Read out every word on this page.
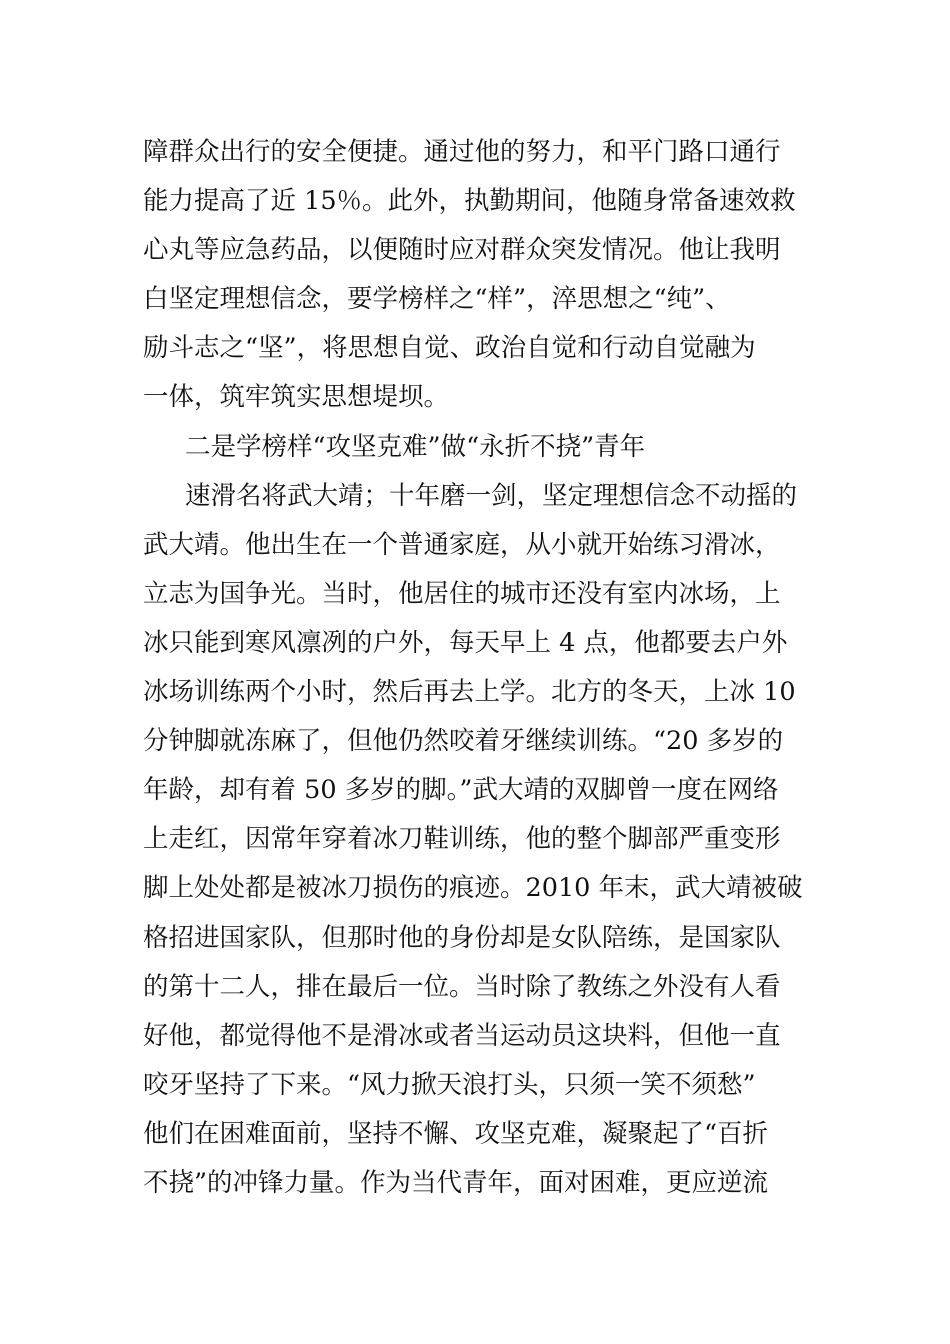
障群众出行的安全便捷。通过他的努力，和平门路口通行
能力提高了近 15％。此外，执勤期间，他随身常备速效救
心丸等应急药品，以便随时应对群众突发情况。他让我明
白坚定理想信念，要学榜样之“样”，淬思想之“纯”、
励斗志之“坚”，将思想自觉、政治自觉和行动自觉融为
一体，筑牢筑实思想堤坝。
二是学榜样“攻坚克难”做“永折不挠”青年
速滑名将武大靖；十年磨一剑，坚定理想信念不动摇的
武大靖。他出生在一个普通家庭，从小就开始练习滑冰，
立志为国争光。当时，他居住的城市还没有室内冰场，上
冰只能到寒风凛冽的户外，每天早上 4 点，他都要去户外
冰场训练两个小时，然后再去上学。北方的冬天，上冰 10
分钟脚就冻麻了，但他仍然咬着牙继续训练。“20 多岁的
年龄，却有着 50 多岁的脚。”武大靖的双脚曾一度在网络
上走红，因常年穿着冰刀鞋训练，他的整个脚部严重变形
脚上处处都是被冰刀损伤的痕迹。2010 年末，武大靖被破
格招进国家队，但那时他的身份却是女队陪练，是国家队
的第十二人，排在最后一位。当时除了教练之外没有人看
好他，都觉得他不是滑冰或者当运动员这块料，但他一直
咬牙坚持了下来。“风力掀天浪打头，只须一笑不须愁”
他们在困难面前，坚持不懈、攻坚克难，凝聚起了“百折
不挠”的冲锋力量。作为当代青年，面对困难，更应逆流
